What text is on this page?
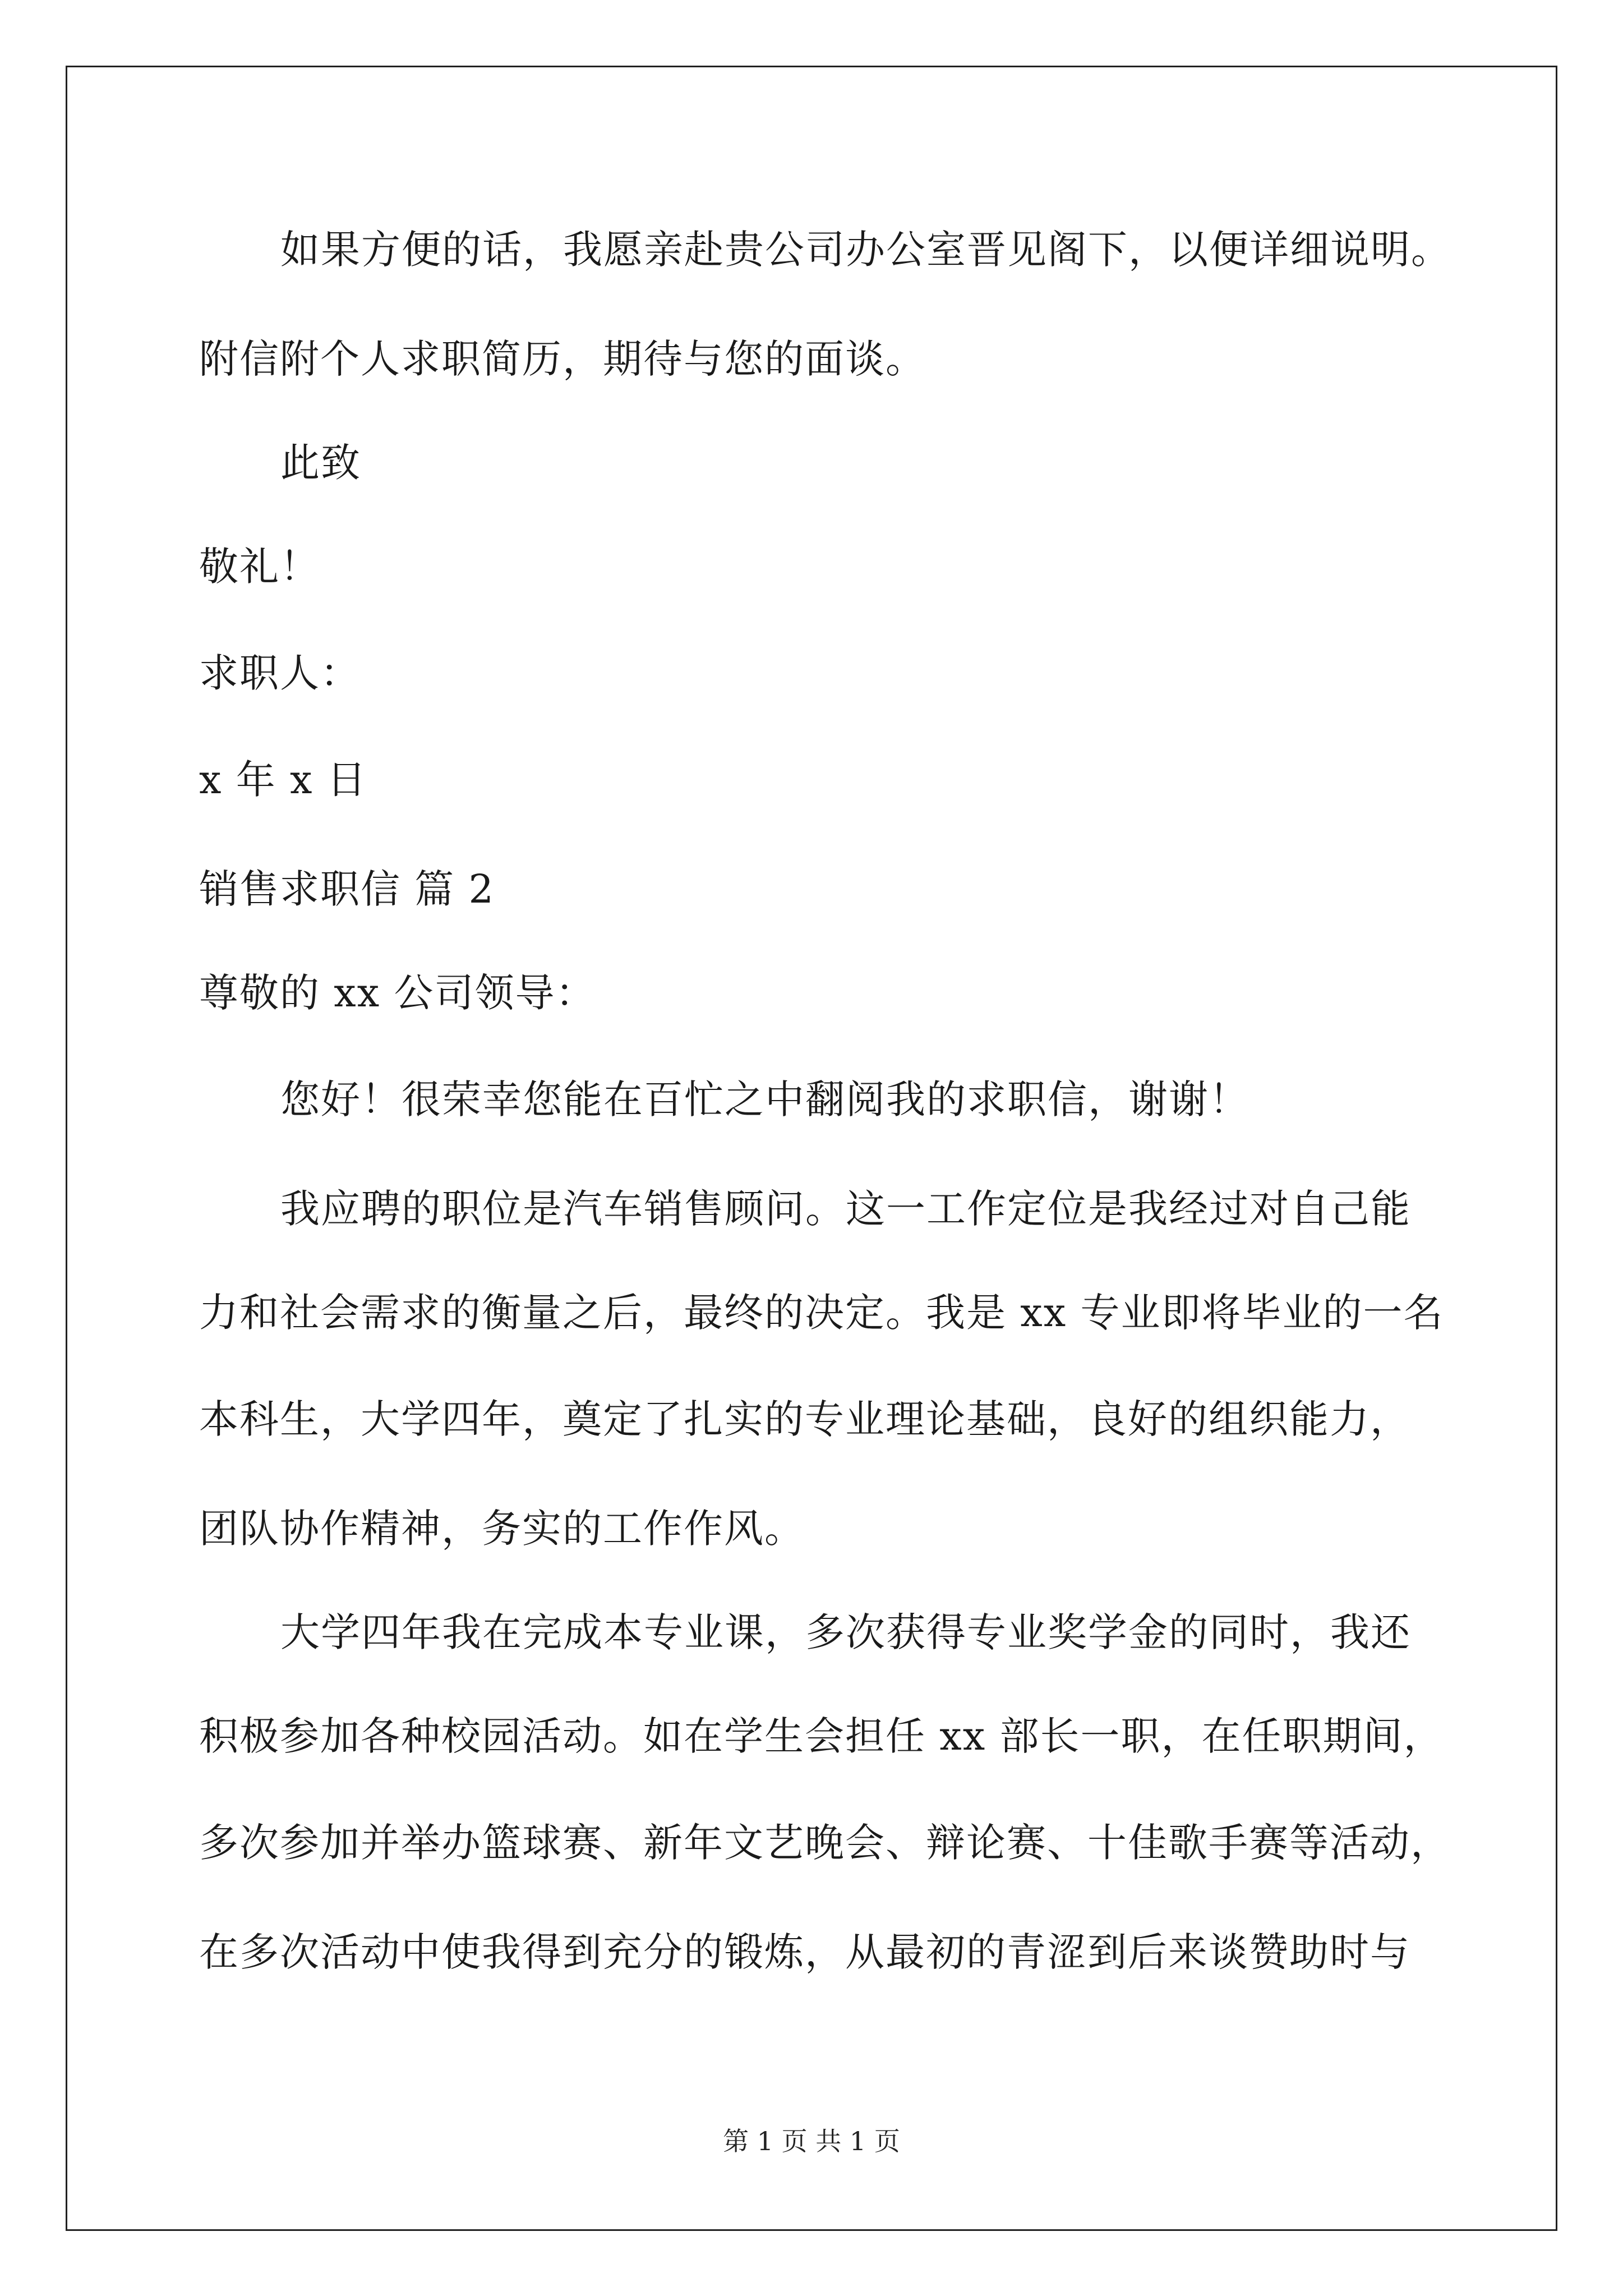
如果方便的话，我愿亲赴贵公司办公室晋见阁下，以便详细说明。
附信附个人求职简历，期待与您的面谈。
此致
敬礼！
求职人：
x 年 x 日
销售求职信 篇 2
尊敬的 xx 公司领导：
您好！很荣幸您能在百忙之中翻阅我的求职信，谢谢！
我应聘的职位是汽车销售顾问。这一工作定位是我经过对自己能
力和社会需求的衡量之后，最终的决定。我是 xx 专业即将毕业的一名
本科生，大学四年，奠定了扎实的专业理论基础，良好的组织能力，
团队协作精神，务实的工作作风。
大学四年我在完成本专业课，多次获得专业奖学金的同时，我还
积极参加各种校园活动。如在学生会担任 xx 部长一职，在任职期间，
多次参加并举办篮球赛、新年文艺晚会、辩论赛、十佳歌手赛等活动，
在多次活动中使我得到充分的锻炼，从最初的青涩到后来谈赞助时与
第 1 页 共 1 页
